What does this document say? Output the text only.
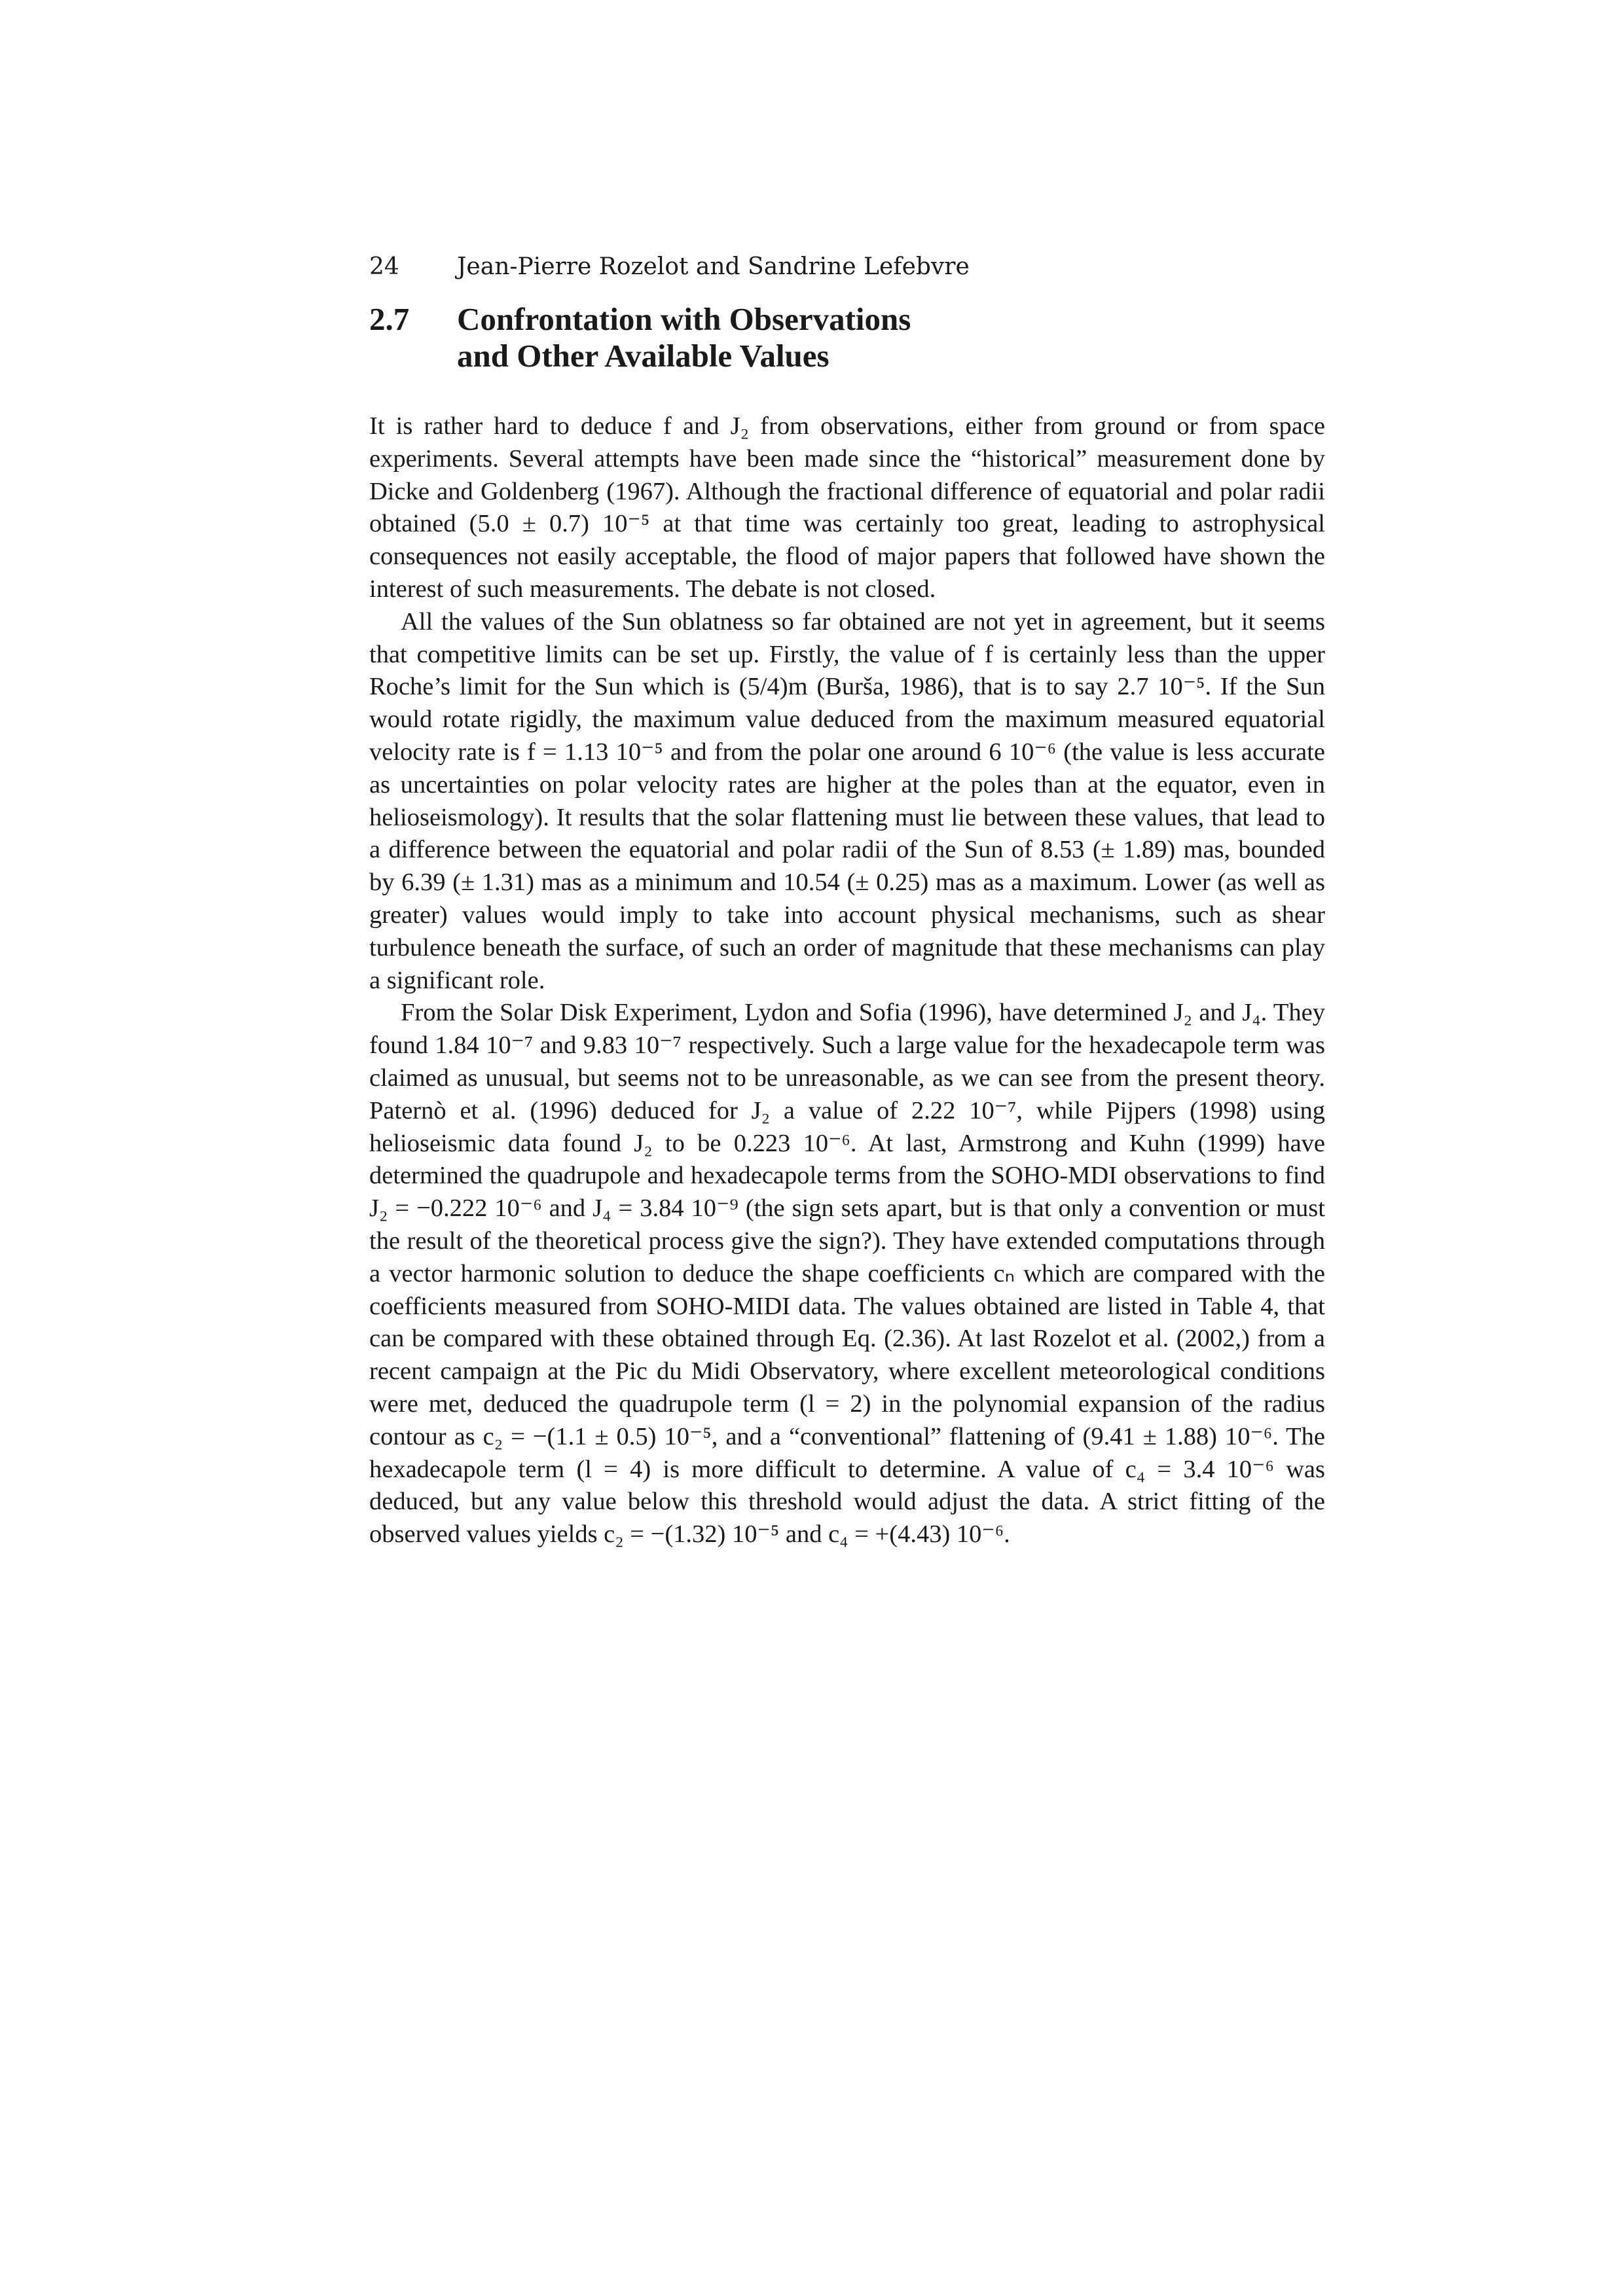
24 Jean-Pierre Rozelot and Sandrine Lefebvre
2.7 Confrontation with Observations
and Other Available Values

It is rather hard to deduce f and J₂ from observations, either from ground or from space experiments. Several attempts have been made since the “historical” measurement done by Dicke and Goldenberg (1967). Although the fractional difference of equatorial and polar radii obtained (5.0 ± 0.7) 10⁻⁵ at that time was certainly too great, leading to astrophysical consequences not easily acceptable, the flood of major papers that followed have shown the interest of such measurements. The debate is not closed.

All the values of the Sun oblatness so far obtained are not yet in agreement, but it seems that competitive limits can be set up. Firstly, the value of f is certainly less than the upper Roche’s limit for the Sun which is (5/4)m (Burša, 1986), that is to say 2.7 10⁻⁵. If the Sun would rotate rigidly, the maximum value deduced from the maximum measured equatorial velocity rate is f = 1.13 10⁻⁵ and from the polar one around 6 10⁻⁶ (the value is less accurate as uncertainties on polar velocity rates are higher at the poles than at the equator, even in helioseismology). It results that the solar flattening must lie between these values, that lead to a difference between the equatorial and polar radii of the Sun of 8.53 (± 1.89) mas, bounded by 6.39 (± 1.31) mas as a minimum and 10.54 (± 0.25) mas as a maximum. Lower (as well as greater) values would imply to take into account physical mechanisms, such as shear turbulence beneath the surface, of such an order of magnitude that these mechanisms can play a significant role.

From the Solar Disk Experiment, Lydon and Sofia (1996), have determined J₂ and J₄. They found 1.84 10⁻⁷ and 9.83 10⁻⁷ respectively. Such a large value for the hexadecapole term was claimed as unusual, but seems not to be unreasonable, as we can see from the present theory. Paternò et al. (1996) deduced for J₂ a value of 2.22 10⁻⁷, while Pijpers (1998) using helioseismic data found J₂ to be 0.223 10⁻⁶. At last, Armstrong and Kuhn (1999) have determined the quadrupole and hexadecapole terms from the SOHO-MDI observations to find J₂ = −0.222 10⁻⁶ and J₄ = 3.84 10⁻⁹ (the sign sets apart, but is that only a convention or must the result of the theoretical process give the sign?). They have extended computations through a vector harmonic solution to deduce the shape coefficients cₙ which are compared with the coefficients measured from SOHO-MIDI data. The values obtained are listed in Table 4, that can be compared with these obtained through Eq. (2.36). At last Rozelot et al. (2002,) from a recent campaign at the Pic du Midi Observatory, where excellent meteorological conditions were met, deduced the quadrupole term (l = 2) in the polynomial expansion of the radius contour as c₂ = −(1.1 ± 0.5) 10⁻⁵, and a “conventional” flattening of (9.41 ± 1.88) 10⁻⁶. The hexadecapole term (l = 4) is more difficult to determine. A value of c₄ = 3.4 10⁻⁶ was deduced, but any value below this threshold would adjust the data. A strict fitting of the observed values yields c₂ = −(1.32) 10⁻⁵ and c₄ = +(4.43) 10⁻⁶.
